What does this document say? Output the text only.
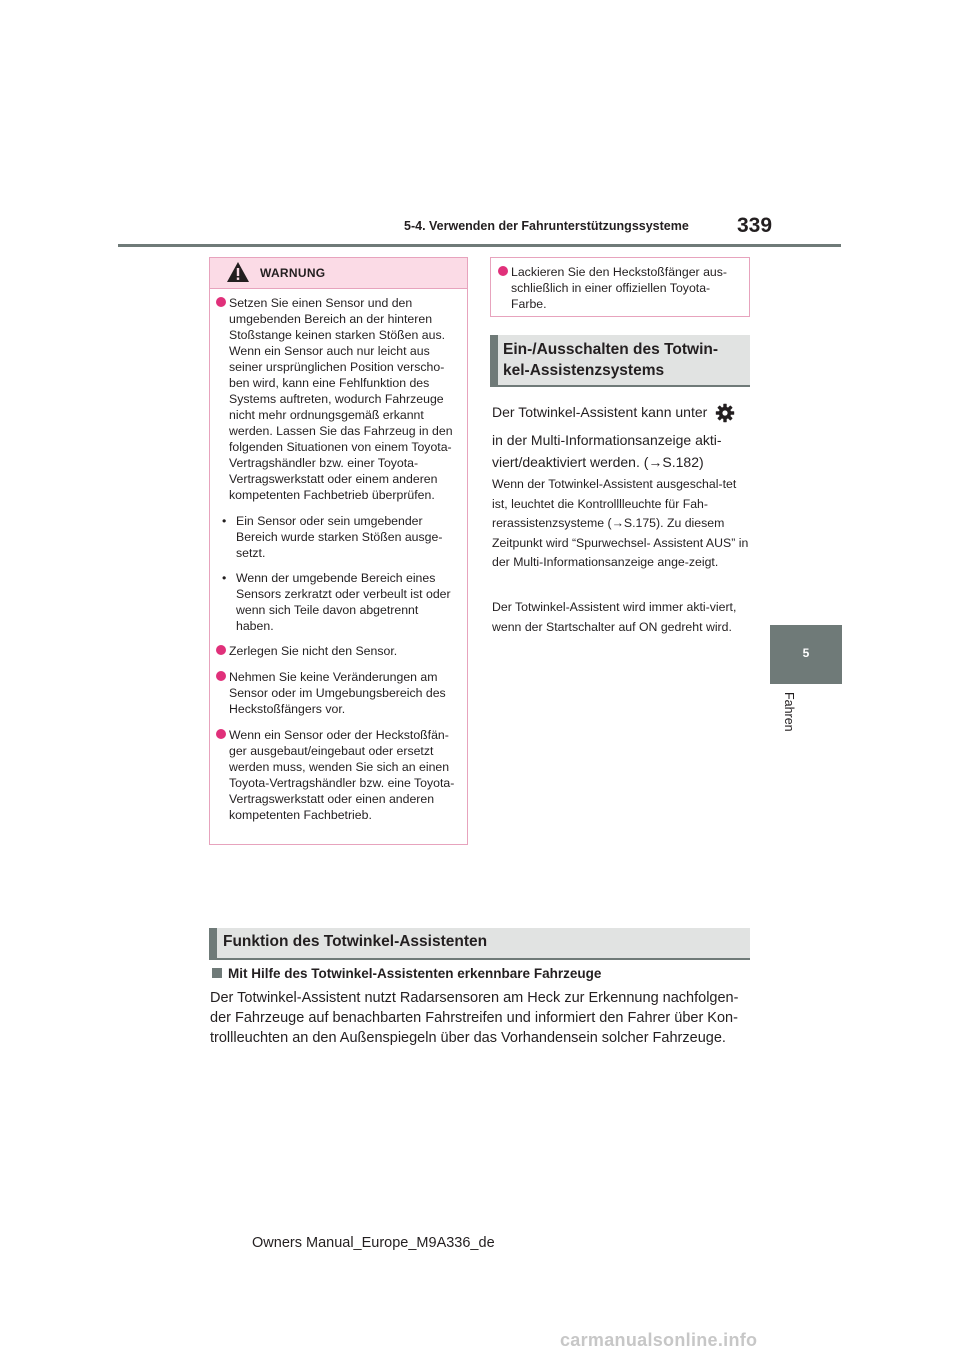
5-4. Verwenden der Fahrunterstützungssysteme 339
5
Fahren
WARNUNG
Setzen Sie einen Sensor und den umgebenden Bereich an der hinteren Stoßstange keinen starken Stößen aus. Wenn ein Sensor auch nur leicht aus seiner ursprünglichen Position verscho-ben wird, kann eine Fehlfunktion des Systems auftreten, wodurch Fahrzeuge nicht mehr ordnungsgemäß erkannt werden. Lassen Sie das Fahrzeug in den folgenden Situationen von einem Toyota-Vertragshändler bzw. einer Toyota-Vertragswerkstatt oder einem anderen kompetenten Fachbetrieb überprüfen.
• Ein Sensor oder sein umgebender Bereich wurde starken Stößen ausge-setzt.
• Wenn der umgebende Bereich eines Sensors zerkratzt oder verbeult ist oder wenn sich Teile davon abgetrennt haben.
Zerlegen Sie nicht den Sensor.
Nehmen Sie keine Veränderungen am Sensor oder im Umgebungsbereich des Heckstoßfängers vor.
Wenn ein Sensor oder der Heckstoßfän-ger ausgebaut/eingebaut oder ersetzt werden muss, wenden Sie sich an einen Toyota-Vertragshändler bzw. eine Toyota-Vertragswerkstatt oder einen anderen kompetenten Fachbetrieb.
Lackieren Sie den Heckstoßfänger aus-schließlich in einer offiziellen Toyota-Farbe.
Ein-/Ausschalten des Totwin-kel-Assistenzsystems
Der Totwinkel-Assistent kann unter
in der Multi-Informationsanzeige akti-
viert/deaktiviert werden. (→S.182)
Wenn der Totwinkel-Assistent ausgeschal-tet ist, leuchtet die Kontrolllleuchte für Fah-rerassistenzsysteme (→S.175). Zu diesem Zeitpunkt wird “Spurwechsel- Assistent AUS” in der Multi-Informationsanzeige ange-zeigt.
Der Totwinkel-Assistent wird immer akti-viert, wenn der Startschalter auf ON gedreht wird.
Funktion des Totwinkel-Assistenten
Mit Hilfe des Totwinkel-Assistenten erkennbare Fahrzeuge
Der Totwinkel-Assistent nutzt Radarsensoren am Heck zur Erkennung nachfolgen-der Fahrzeuge auf benachbarten Fahrstreifen und informiert den Fahrer über Kon-trollleuchten an den Außenspiegeln über das Vorhandensein solcher Fahrzeuge.
Owners Manual_Europe_M9A336_de
carmanualsonline.info
